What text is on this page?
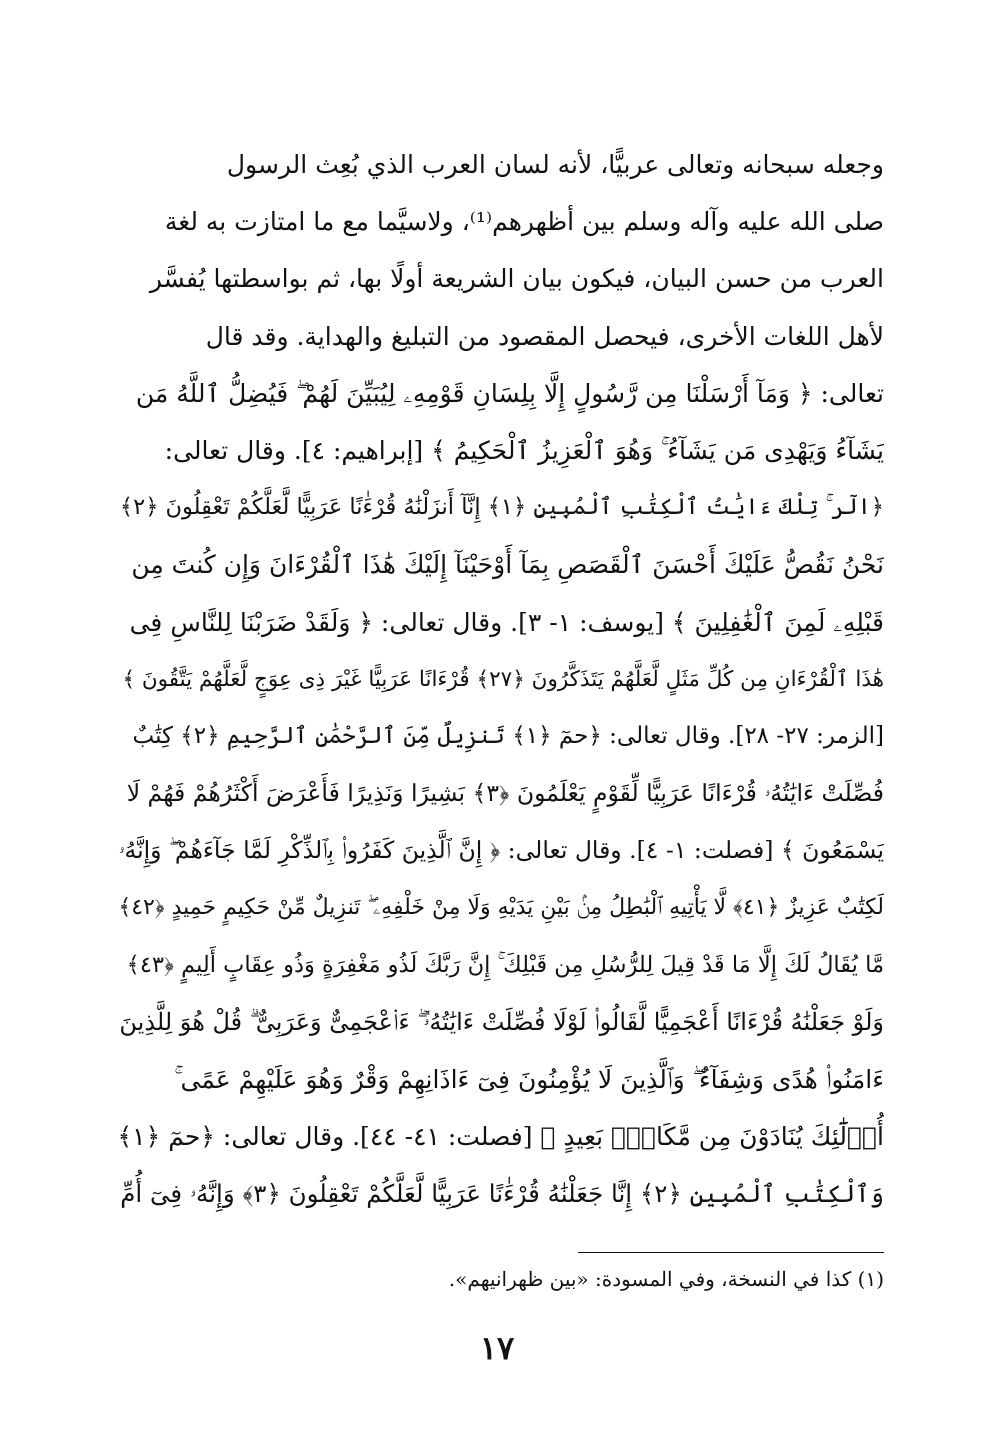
وجعله سبحانه وتعالى عربيًّا، لأنه لسان العرب الذي بُعِث الرسول
صلى الله عليه وآله وسلم بين أظهرهم⁽¹⁾، ولاسيَّما مع ما امتازت به لغة
العرب من حسن البيان، فيكون بيان الشريعة أولًا بها، ثم بواسطتها يُفسَّر
لأهل اللغات الأخرى، فيحصل المقصود من التبليغ والهداية. وقد قال
تعالى: ﴿ وَمَآ أَرْسَلْنَا مِن رَّسُولٍ إِلَّا بِلِسَانِ قَوْمِهِۦ لِيُبَيِّنَ لَهُمْ ۖ فَيُضِلُّ ٱللَّهُ مَن
يَشَآءُ وَيَهْدِى مَن يَشَآءُ ۚ وَهُوَ ٱلْعَزِيزُ ٱلْحَكِيمُ ﴾ [إبراهيم: ٤]. وقال تعالى:
﴿الٓر ۚ تِلْكَ ءَايَٰتُ ٱلْكِتَٰبِ ٱلْمُبِينِ ﴿١﴾ إِنَّآ أَنزَلْنَٰهُ قُرْءَٰنًا عَرَبِيًّا لَّعَلَّكُمْ تَعْقِلُونَ ﴿٢﴾
نَحْنُ نَقُصُّ عَلَيْكَ أَحْسَنَ ٱلْقَصَصِ بِمَآ أَوْحَيْنَآ إِلَيْكَ هَٰذَا ٱلْقُرْءَانَ وَإِن كُنتَ مِن
قَبْلِهِۦ لَمِنَ ٱلْغَٰفِلِينَ ﴾ [يوسف: ١- ٣]. وقال تعالى: ﴿ وَلَقَدْ ضَرَبْنَا لِلنَّاسِ فِى
هَٰذَا ٱلْقُرْءَانِ مِن كُلِّ مَثَلٍ لَّعَلَّهُمْ يَتَذَكَّرُونَ ﴿٢٧﴾ قُرْءَانًا عَرَبِيًّا غَيْرَ ذِى عِوَجٍ لَّعَلَّهُمْ يَتَّقُونَ ﴾
[الزمر: ٢٧- ٢٨]. وقال تعالى: ﴿حمٓ ﴿١﴾ تَنزِيلٌ مِّنَ ٱلرَّحْمَٰنِ ٱلرَّحِيمِ ﴿٢﴾ كِتَٰبٌ
فُصِّلَتْ ءَايَٰتُهُۥ قُرْءَانًا عَرَبِيًّا لِّقَوْمٍ يَعْلَمُونَ ﴿٣﴾ بَشِيرًا وَنَذِيرًا فَأَعْرَضَ أَكْثَرُهُمْ فَهُمْ لَا
يَسْمَعُونَ ﴾ [فصلت: ١- ٤]. وقال تعالى: ﴿ إِنَّ ٱلَّذِينَ كَفَرُوا۟ بِٱلذِّكْرِ لَمَّا جَآءَهُمْ ۖ وَإِنَّهُۥ
لَكِتَٰبٌ عَزِيزٌ ﴿٤١﴾ لَّا يَأْتِيهِ ٱلْبَٰطِلُ مِنۢ بَيْنِ يَدَيْهِ وَلَا مِنْ خَلْفِهِۦ ۖ تَنزِيلٌ مِّنْ حَكِيمٍ حَمِيدٍ ﴿٤٢﴾
مَّا يُقَالُ لَكَ إِلَّا مَا قَدْ قِيلَ لِلرُّسُلِ مِن قَبْلِكَ ۚ إِنَّ رَبَّكَ لَذُو مَغْفِرَةٍ وَذُو عِقَابٍ أَلِيمٍ ﴿٤٣﴾
وَلَوْ جَعَلْنَٰهُ قُرْءَانًا أَعْجَمِيًّا لَّقَالُوا۟ لَوْلَا فُصِّلَتْ ءَايَٰتُهُۥٓ ۖ ءَا۬عْجَمِىٌّ وَعَرَبِىٌّ ۗ قُلْ هُوَ لِلَّذِينَ
ءَامَنُوا۟ هُدًى وَشِفَآءٌ ۖ وَٱلَّذِينَ لَا يُؤْمِنُونَ فِىٓ ءَاذَانِهِمْ وَقْرٌ وَهُوَ عَلَيْهِمْ عَمًى ۚ
أُو۟لَٰٓئِكَ يُنَادَوْنَ مِن مَّكَانٍۭ بَعِيدٍ ﴾ [فصلت: ٤١- ٤٤]. وقال تعالى: ﴿حمٓ ﴿١﴾
وَٱلْكِتَٰبِ ٱلْمُبِينِ ﴿٢﴾ إِنَّا جَعَلْنَٰهُ قُرْءَٰنًا عَرَبِيًّا لَّعَلَّكُمْ تَعْقِلُونَ ﴿٣﴾ وَإِنَّهُۥ فِىٓ أُمِّ
(١) كذا في النسخة، وفي المسودة: «بين ظهرانيهم».
١٧
